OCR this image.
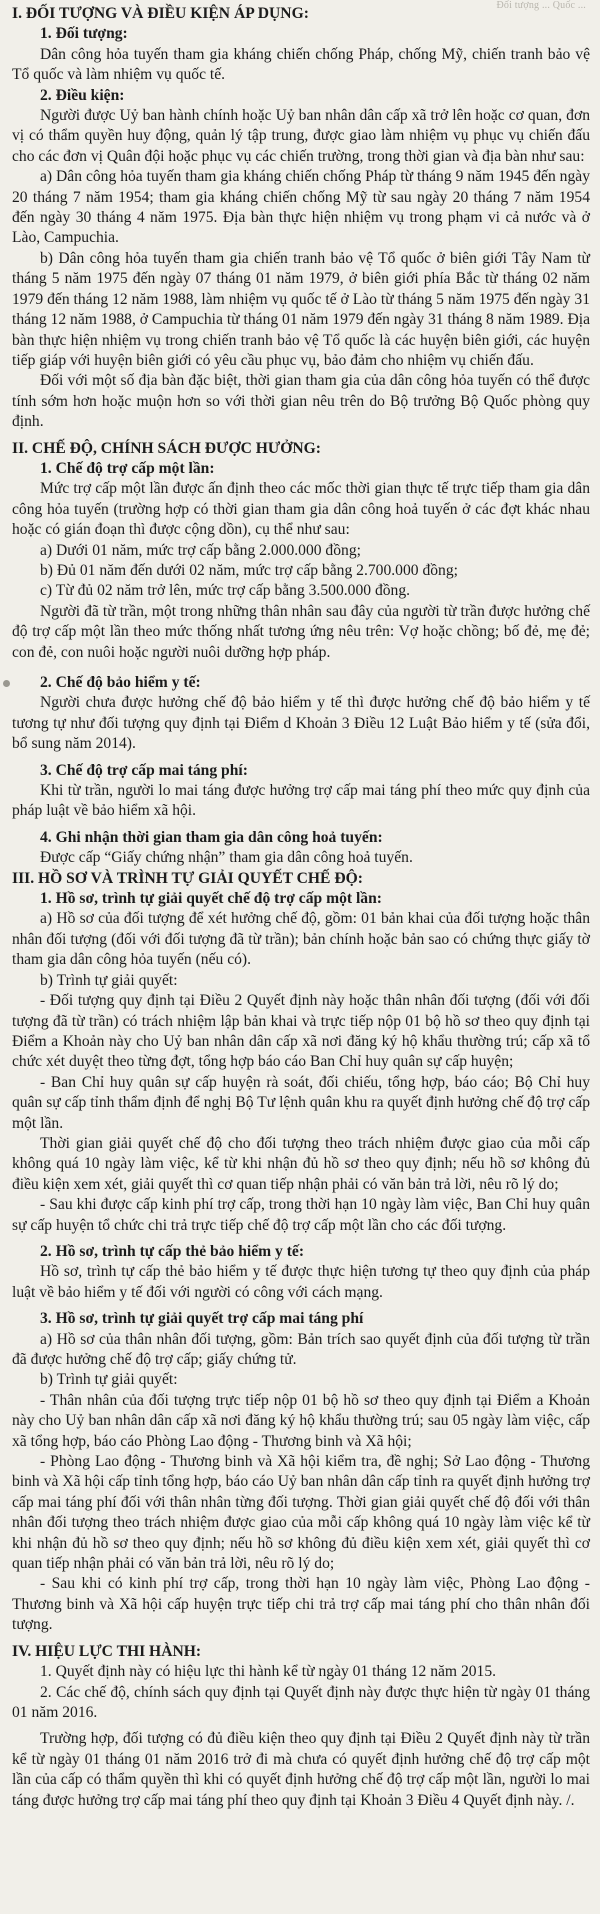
Đối tượng ... Quốc ...

I. ĐỐI TƯỢNG VÀ ĐIỀU KIỆN ÁP DỤNG:

1. Đối tượng:

Dân công hỏa tuyến tham gia kháng chiến chống Pháp, chống Mỹ, chiến tranh bảo vệ Tổ quốc và làm nhiệm vụ quốc tế.

2. Điều kiện:

Người được Uỷ ban hành chính hoặc Uỷ ban nhân dân cấp xã trở lên hoặc cơ quan, đơn vị có thẩm quyền huy động, quản lý tập trung, được giao làm nhiệm vụ phục vụ chiến đấu cho các đơn vị Quân đội hoặc phục vụ các chiến trường, trong thời gian và địa bàn như sau:

a) Dân công hỏa tuyến tham gia kháng chiến chống Pháp từ tháng 9 năm 1945 đến ngày 20 tháng 7 năm 1954; tham gia kháng chiến chống Mỹ từ sau ngày 20 tháng 7 năm 1954 đến ngày 30 tháng 4 năm 1975. Địa bàn thực hiện nhiệm vụ trong phạm vi cả nước và ở Lào, Campuchia.

b) Dân công hỏa tuyến tham gia chiến tranh bảo vệ Tổ quốc ở biên giới Tây Nam từ tháng 5 năm 1975 đến ngày 07 tháng 01 năm 1979, ở biên giới phía Bắc từ tháng 02 năm 1979 đến tháng 12 năm 1988, làm nhiệm vụ quốc tế ở Lào từ tháng 5 năm 1975 đến ngày 31 tháng 12 năm 1988, ở Campuchia từ tháng 01 năm 1979 đến ngày 31 tháng 8 năm 1989. Địa bàn thực hiện nhiệm vụ trong chiến tranh bảo vệ Tổ quốc là các huyện biên giới, các huyện tiếp giáp với huyện biên giới có yêu cầu phục vụ, bảo đảm cho nhiệm vụ chiến đấu.

Đối với một số địa bàn đặc biệt, thời gian tham gia của dân công hỏa tuyến có thể được tính sớm hơn hoặc muộn hơn so với thời gian nêu trên do Bộ trưởng Bộ Quốc phòng quy định.

II. CHẾ ĐỘ, CHÍNH SÁCH ĐƯỢC HƯỞNG:

1. Chế độ trợ cấp một lần:

Mức trợ cấp một lần được ấn định theo các mốc thời gian thực tế trực tiếp tham gia dân công hỏa tuyến (trường hợp có thời gian tham gia dân công hoả tuyến ở các đợt khác nhau hoặc có gián đoạn thì được cộng dồn), cụ thể như sau:

a) Dưới 01 năm, mức trợ cấp bằng 2.000.000 đồng;

b) Đủ 01 năm đến dưới 02 năm, mức trợ cấp bằng 2.700.000 đồng;

c) Từ đủ 02 năm trở lên, mức trợ cấp bằng 3.500.000 đồng.

Người đã từ trần, một trong những thân nhân sau đây của người từ trần được hưởng chế độ trợ cấp một lần theo mức thống nhất tương ứng nêu trên: Vợ hoặc chồng; bố đẻ, mẹ đẻ; con đẻ, con nuôi hoặc người nuôi dưỡng hợp pháp.

2. Chế độ bảo hiểm y tế:

Người chưa được hưởng chế độ bảo hiểm y tế thì được hưởng chế độ bảo hiểm y tế tương tự như đối tượng quy định tại Điểm d Khoản 3 Điều 12 Luật Bảo hiểm y tế (sửa đổi, bổ sung năm 2014).

3. Chế độ trợ cấp mai táng phí:

Khi từ trần, người lo mai táng được hưởng trợ cấp mai táng phí theo mức quy định của pháp luật về bảo hiểm xã hội.

4. Ghi nhận thời gian tham gia dân công hoả tuyến:

Được cấp “Giấy chứng nhận” tham gia dân công hoả tuyến.

III. HỒ SƠ VÀ TRÌNH TỰ GIẢI QUYẾT CHẾ ĐỘ:

1. Hồ sơ, trình tự giải quyết chế độ trợ cấp một lần:

a) Hồ sơ của đối tượng để xét hưởng chế độ, gồm: 01 bản khai của đối tượng hoặc thân nhân đối tượng (đối với đối tượng đã từ trần); bản chính hoặc bản sao có chứng thực giấy tờ tham gia dân công hỏa tuyến (nếu có).

b) Trình tự giải quyết:

- Đối tượng quy định tại Điều 2 Quyết định này hoặc thân nhân đối tượng (đối với đối tượng đã từ trần) có trách nhiệm lập bản khai và trực tiếp nộp 01 bộ hồ sơ theo quy định tại Điểm a Khoản này cho Uỷ ban nhân dân cấp xã nơi đăng ký hộ khẩu thường trú; cấp xã tổ chức xét duyệt theo từng đợt, tổng hợp báo cáo Ban Chỉ huy quân sự cấp huyện;

- Ban Chỉ huy quân sự cấp huyện rà soát, đối chiếu, tổng hợp, báo cáo; Bộ Chỉ huy quân sự cấp tỉnh thẩm định để nghị Bộ Tư lệnh quân khu ra quyết định hưởng chế độ trợ cấp một lần.

Thời gian giải quyết chế độ cho đối tượng theo trách nhiệm được giao của mỗi cấp không quá 10 ngày làm việc, kể từ khi nhận đủ hồ sơ theo quy định; nếu hồ sơ không đủ điều kiện xem xét, giải quyết thì cơ quan tiếp nhận phải có văn bản trả lời, nêu rõ lý do;

- Sau khi được cấp kinh phí trợ cấp, trong thời hạn 10 ngày làm việc, Ban Chỉ huy quân sự cấp huyện tổ chức chi trả trực tiếp chế độ trợ cấp một lần cho các đối tượng.

2. Hồ sơ, trình tự cấp thẻ bảo hiểm y tế:

Hồ sơ, trình tự cấp thẻ bảo hiểm y tế được thực hiện tương tự theo quy định của pháp luật về bảo hiểm y tế đối với người có công với cách mạng.

3. Hồ sơ, trình tự giải quyết trợ cấp mai táng phí

a) Hồ sơ của thân nhân đối tượng, gồm: Bản trích sao quyết định của đối tượng từ trần đã được hưởng chế độ trợ cấp; giấy chứng tử.

b) Trình tự giải quyết:

- Thân nhân của đối tượng trực tiếp nộp 01 bộ hồ sơ theo quy định tại Điểm a Khoản này cho Uỷ ban nhân dân cấp xã nơi đăng ký hộ khẩu thường trú; sau 05 ngày làm việc, cấp xã tổng hợp, báo cáo Phòng Lao động - Thương binh và Xã hội;

- Phòng Lao động - Thương binh và Xã hội kiểm tra, đề nghị; Sở Lao động - Thương binh và Xã hội cấp tỉnh tổng hợp, báo cáo Uỷ ban nhân dân cấp tỉnh ra quyết định hưởng trợ cấp mai táng phí đối với thân nhân từng đối tượng. Thời gian giải quyết chế độ đối với thân nhân đối tượng theo trách nhiệm được giao của mỗi cấp không quá 10 ngày làm việc kể từ khi nhận đủ hồ sơ theo quy định; nếu hồ sơ không đủ điều kiện xem xét, giải quyết thì cơ quan tiếp nhận phải có văn bản trả lời, nêu rõ lý do;

- Sau khi có kinh phí trợ cấp, trong thời hạn 10 ngày làm việc, Phòng Lao động - Thương binh và Xã hội cấp huyện trực tiếp chi trả trợ cấp mai táng phí cho thân nhân đối tượng.

IV. HIỆU LỰC THI HÀNH:

1. Quyết định này có hiệu lực thi hành kể từ ngày 01 tháng 12 năm 2015.

2. Các chế độ, chính sách quy định tại Quyết định này được thực hiện từ ngày 01 tháng 01 năm 2016.

Trường hợp, đối tượng có đủ điều kiện theo quy định tại Điều 2 Quyết định này từ trần kể từ ngày 01 tháng 01 năm 2016 trở đi mà chưa có quyết định hưởng chế độ trợ cấp một lần của cấp có thẩm quyền thì khi có quyết định hưởng chế độ trợ cấp một lần, người lo mai táng được hưởng trợ cấp mai táng phí theo quy định tại Khoản 3 Điều 4 Quyết định này. /.
